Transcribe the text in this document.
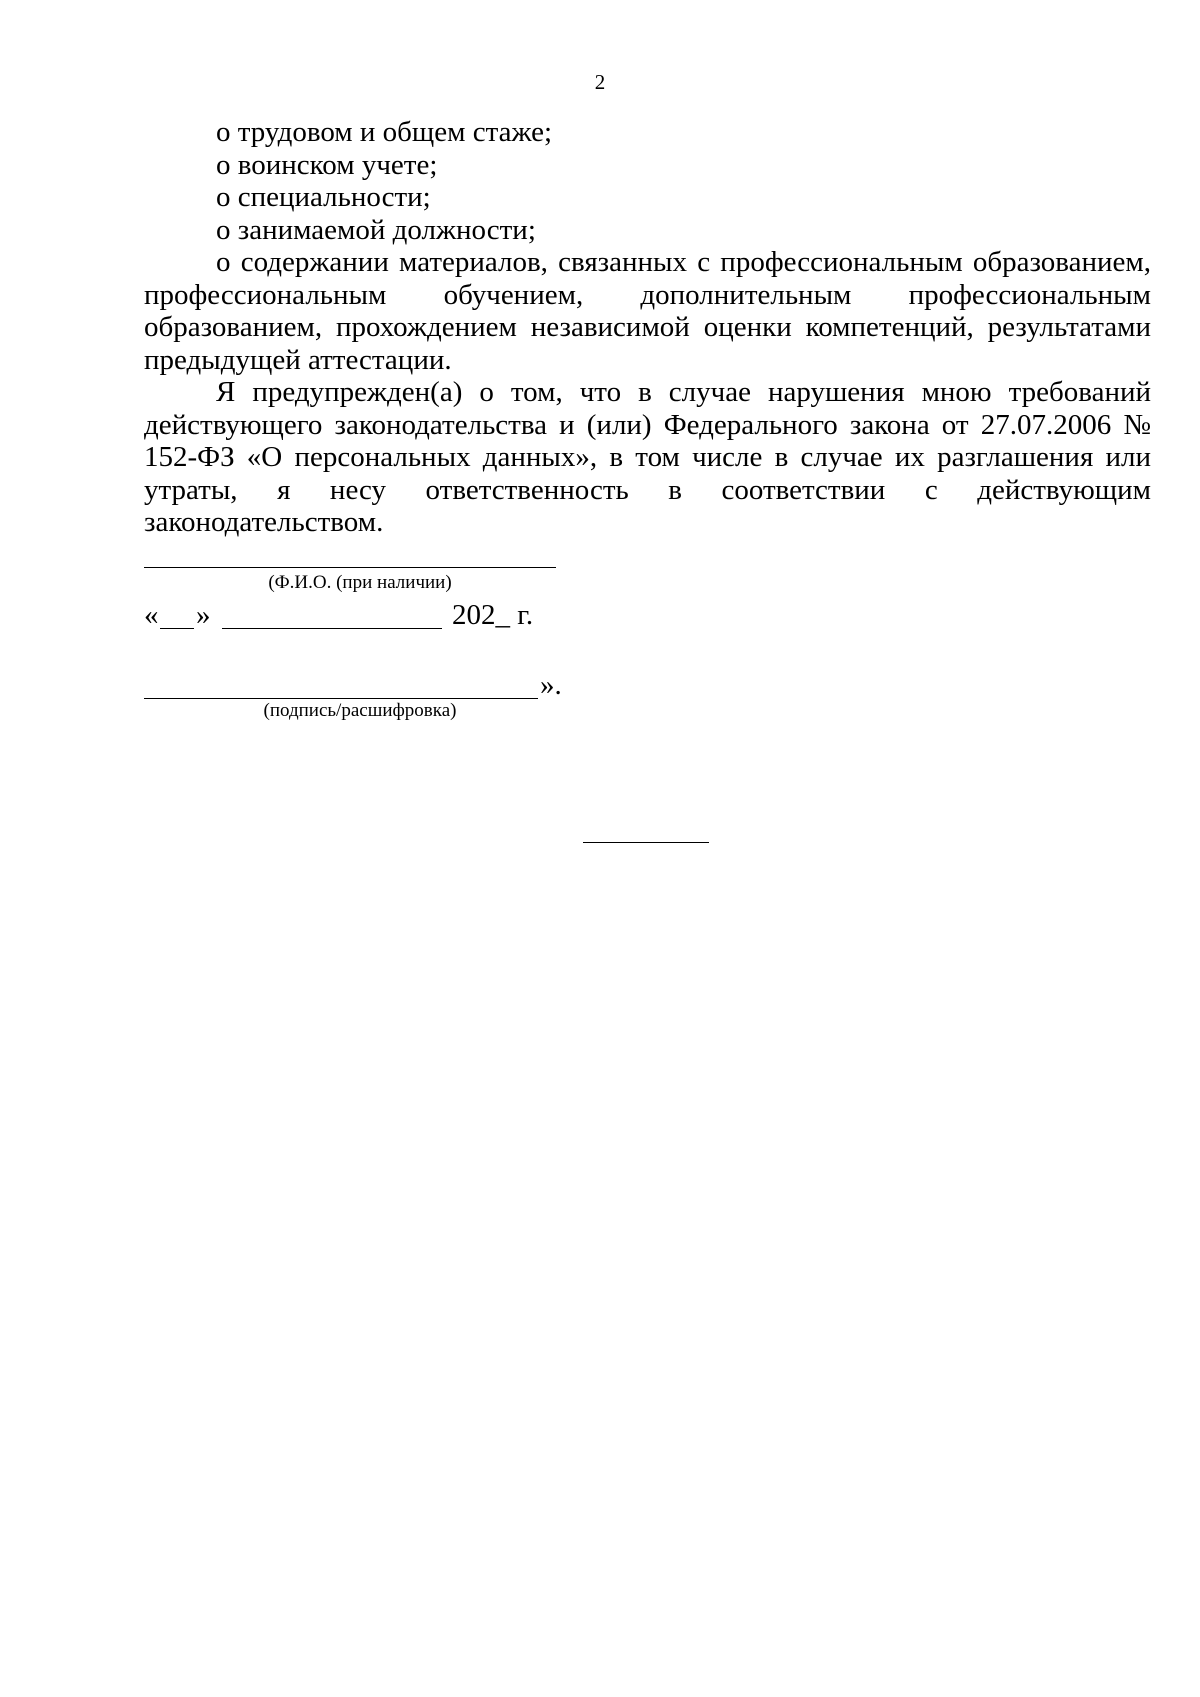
2

о трудовом и общем стаже;

о воинском учете;

о специальности;

о занимаемой должности;

о содержании материалов, связанных с профессиональным образованием, профессиональным обучением, дополнительным профессиональным образованием, прохождением независимой оценки компетенций, результатами предыдущей аттестации.

Я предупрежден(а) о том, что в случае нарушения мною требований действующего законодательства и (или) Федерального закона от 27.07.2006 № 152-ФЗ «О персональных данных», в том числе в случае их разглашения или утраты, я несу ответственность в соответствии с действующим законодательством.

(Ф.И.О. (при наличии)
« »	202_ г.
».
(подпись/расшифровка)
